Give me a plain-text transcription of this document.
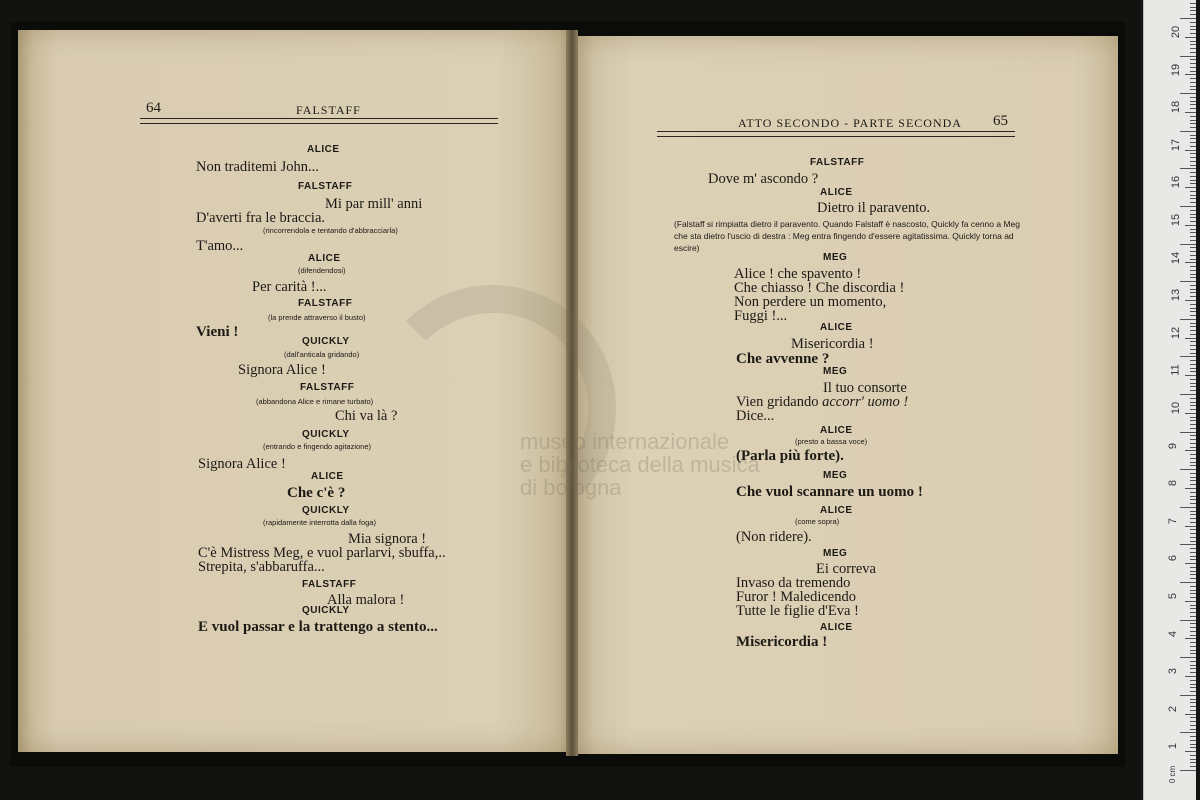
64	FALSTAFF
ATTO SECONDO - PARTE SECONDA 65
museo internazionale
e biblioteca della musica
di bologna
ALICE
Non traditemi John...
FALSTAFF
Mi par mill' anni
D'averti fra le braccia.
(rincorrendola e tentando d'abbracciarla)
T'amo...
ALICE
(difendendosi)
Per carità !...
FALSTAFF
(la prende attraverso il busto)
Vieni !
QUICKLY
(dall'anticala gridando)
Signora Alice !
FALSTAFF
(abbandona Alice e rimane turbato)
Chi va là ?
QUICKLY
(entrando e fingendo agitazione)
Signora Alice !
ALICE
Che c'è ?
QUICKLY
(rapidamente interrotta dalla foga)
Mia signora !
C'è Mistress Meg, e vuol parlarvi, sbuffa,..
Strepita, s'abbaruffa...
FALSTAFF
Alla malora !
QUICKLY
E vuol passar e la trattengo a stento...
FALSTAFF
Dove m' ascondo ?
ALICE
Dietro il paravento.
(Falstaff si rimpiatta dietro il paravento. Quando Falstaff è nascosto, Quickly fa cenno a Meg
che sta dietro l'uscio di destra : Meg entra fingendo d'essere agitatissima. Quickly torna ad
escire)
MEG
Alice ! che spavento !
Che chiasso ! Che discordia !
Non perdere un momento,
Fuggi !...
ALICE
Misericordia !
Che avvenne ?
MEG
Il tuo consorte
Vien gridando accorr' uomo !
Dice...
ALICE
(presto a bassa voce)
(Parla più forte).
MEG
Che vuol scannare un uomo !
ALICE
(come sopra)
(Non ridere).
MEG
Ei correva
Invaso da tremendo
Furor ! Maledicendo
Tutte le figlie d'Eva !
ALICE
Misericordia !
0 cm
20
19
18
17
16
15
14
13
12
11
10
9
8
7
6
5
4
3
2
1
